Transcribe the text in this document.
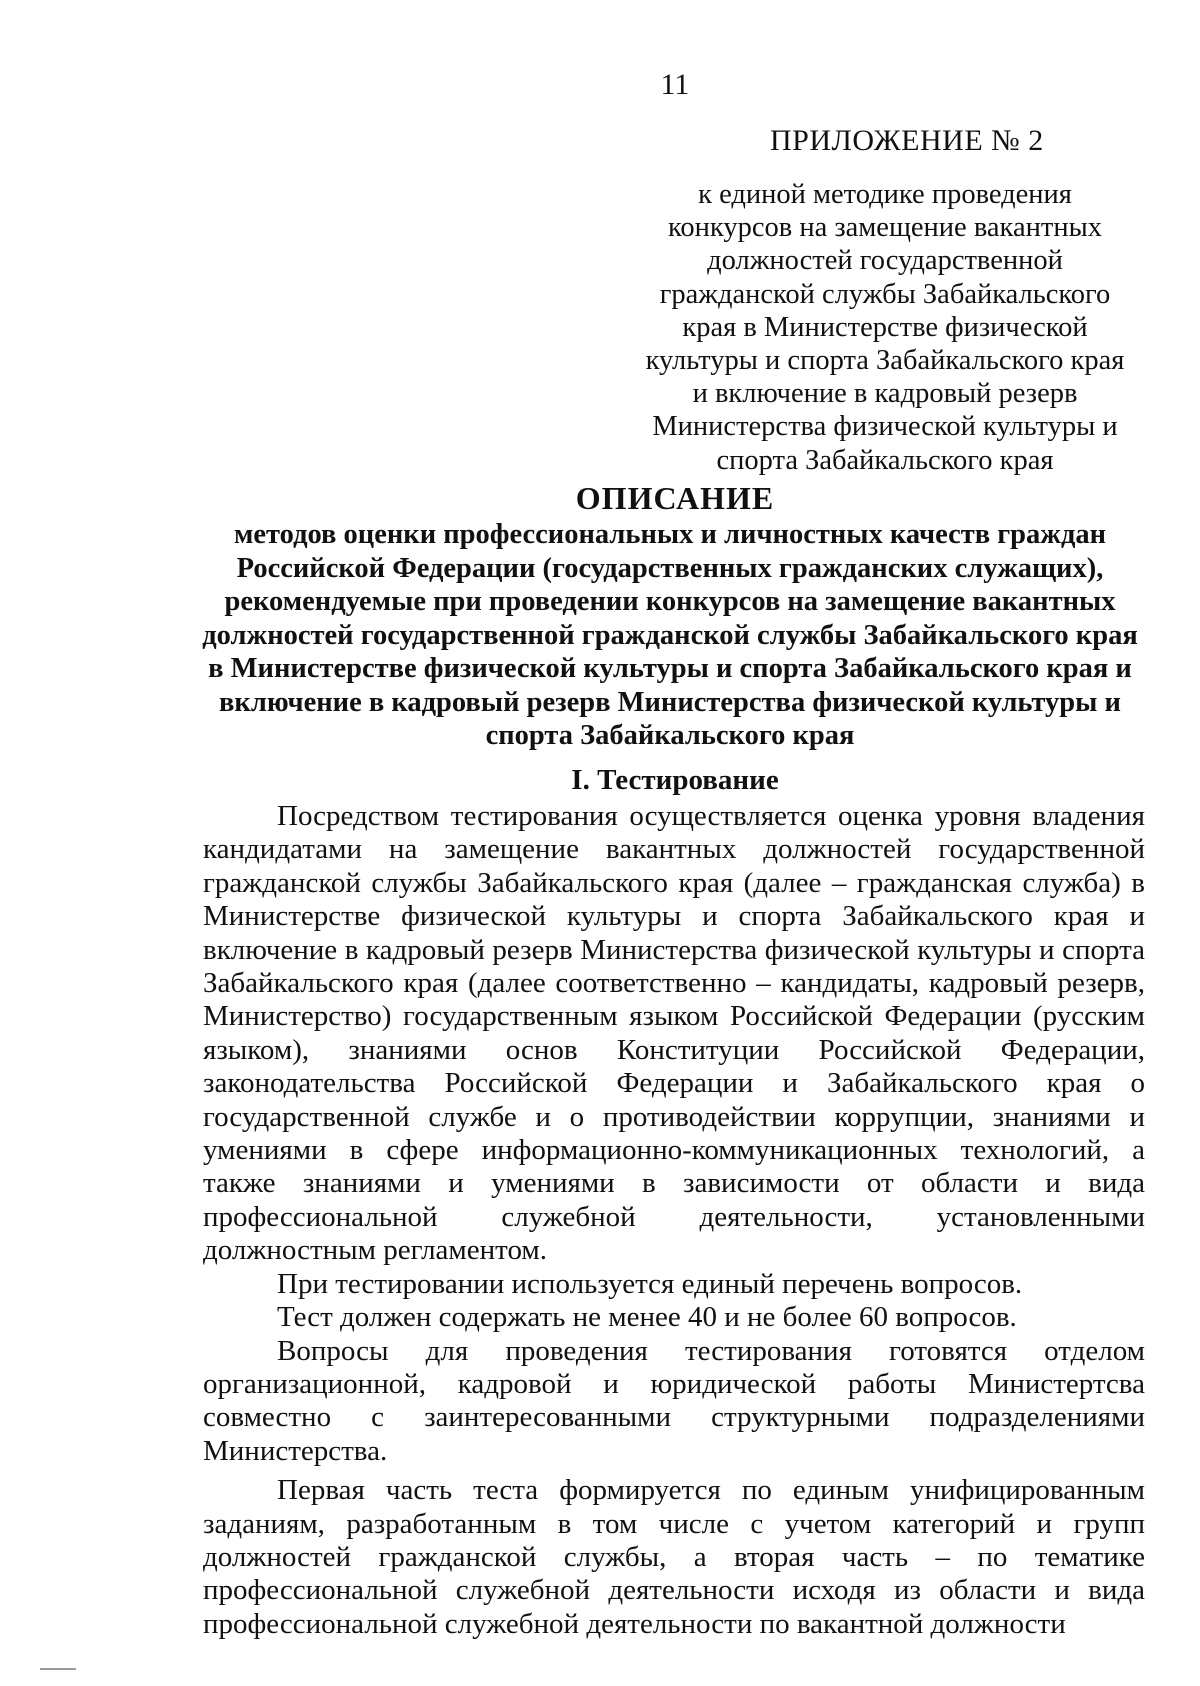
11
ПРИЛОЖЕНИЕ № 2
к единой методике проведения конкурсов на замещение вакантных должностей государственной гражданской службы Забайкальского края в Министерстве физической культуры и спорта Забайкальского края и включение в кадровый резерв Министерства физической культуры и спорта Забайкальского края
ОПИСАНИЕ
методов оценки профессиональных и личностных качеств граждан Российской Федерации (государственных гражданских служащих), рекомендуемые при проведении конкурсов на замещение вакантных должностей государственной гражданской службы Забайкальского края в Министерстве физической культуры и спорта Забайкальского края и включение в кадровый резерв Министерства физической культуры и спорта Забайкальского края
I. Тестирование

Посредством тестирования осуществляется оценка уровня владения кандидатами на замещение вакантных должностей государственной гражданской службы Забайкальского края (далее – гражданская служба) в Министерстве физической культуры и спорта Забайкальского края и включение в кадровый резерв Министерства физической культуры и спорта Забайкальского края (далее соответственно – кандидаты, кадровый резерв, Министерство) государственным языком Российской Федерации (русским языком), знаниями основ Конституции Российской Федерации, законодательства Российской Федерации и Забайкальского края о государственной службе и о противодействии коррупции, знаниями и умениями в сфере информационно-коммуникационных технологий, а также знаниями и умениями в зависимости от области и вида профессиональной служебной деятельности, установленными должностным регламентом.

При тестировании используется единый перечень вопросов.

Тест должен содержать не менее 40 и не более 60 вопросов.

Вопросы для проведения тестирования готовятся отделом организационной, кадровой и юридической работы Министертсва совместно с заинтересованными структурными подразделениями Министерства.

Первая часть теста формируется по единым унифицированным заданиям, разработанным в том числе с учетом категорий и групп должностей гражданской службы, а вторая часть – по тематике профессиональной служебной деятельности исходя из области и вида профессиональной служебной деятельности по вакантной должности
